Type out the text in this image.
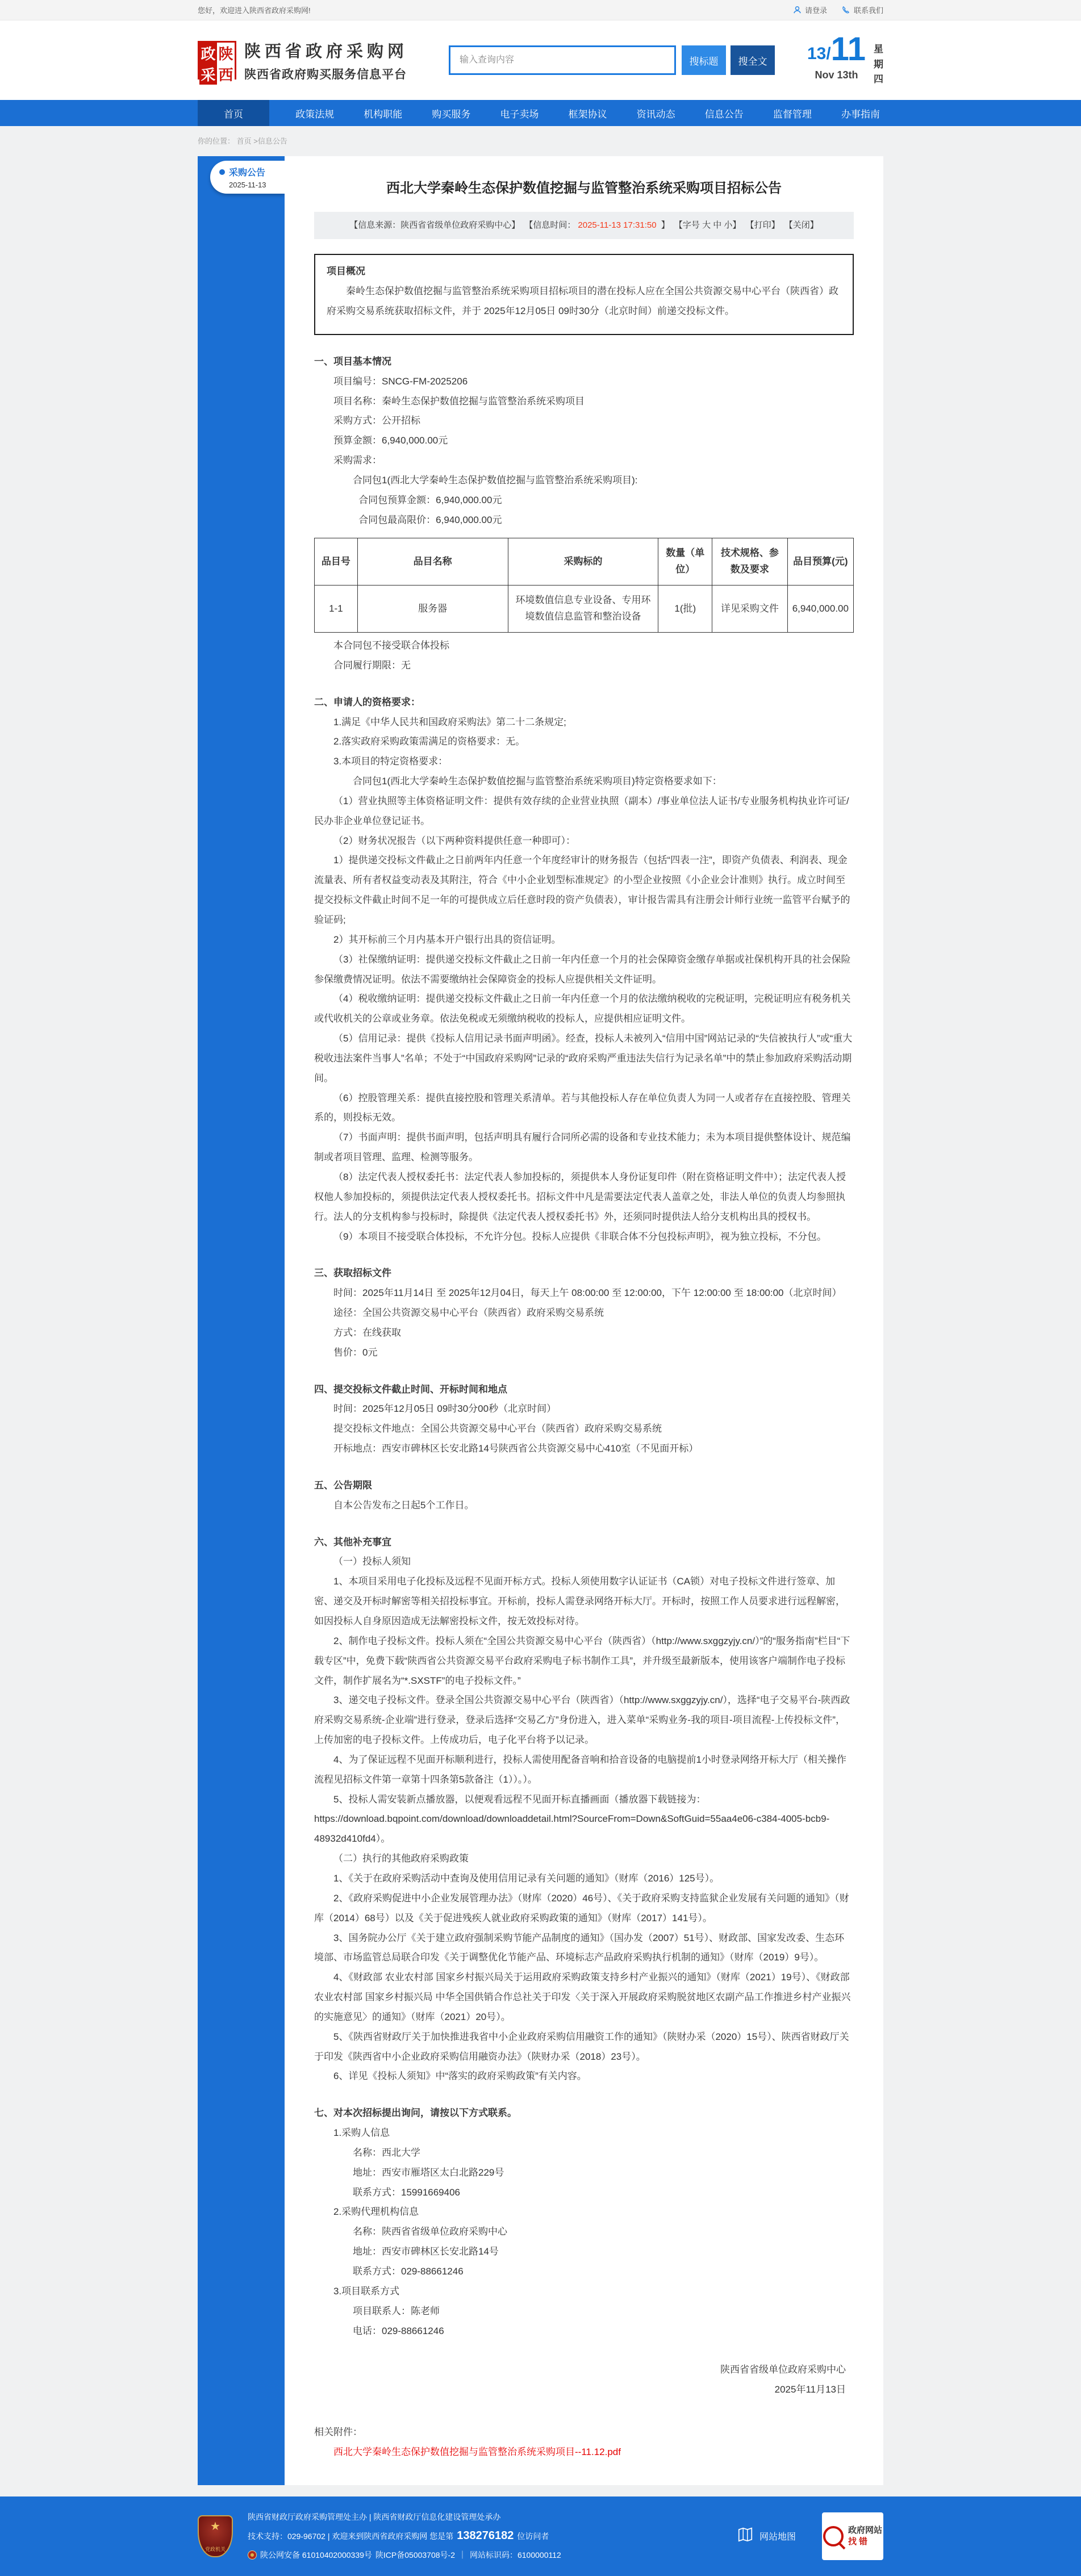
您好，欢迎进入陕西省政府采购网!	请登录	联系我们
政 陕
采 西
陕西省政府采购网
陕西省政府购买服务信息平台
输入查询内容
搜标题	搜全文	13/ 11
Nov 13th
星
期
四
首页	政策法规	机构职能	购买服务	电子卖场	框架协议	资讯动态	信息公告	监督管理	办事指南
你的位置： 首页 >信息公告
采购公告
2025-11-13	西北大学秦岭生态保护数值挖掘与监管整治系统采购项目招标公告
【信息来源：陕西省省级单位政府采购中心】 【信息时间： 2025-11-13 17:31:50 】 【字号 大 中 小】 【打印】 【关闭】
项目概况

秦岭生态保护数值挖掘与监管整治系统采购项目招标项目的潜在投标人应在全国公共资源交易中心平台（陕西省）政府采购交易系统获取招标文件，并于 2025年12月05日 09时30分（北京时间）前递交投标文件。

一、项目基本情况

项目编号：SNCG-FM-2025206

项目名称：秦岭生态保护数值挖掘与监管整治系统采购项目

采购方式：公开招标

预算金额：6,940,000.00元

采购需求：

合同包1(西北大学秦岭生态保护数值挖掘与监管整治系统采购项目):

合同包预算金额：6,940,000.00元

合同包最高限价：6,940,000.00元

品目号	品目名称	采购标的	数量（单位）	技术规格、参数及要求	品目预算(元)
1-1	服务器	环境数值信息专业设备、专用环境数值信息监管和整治设备	1(批)	详见采购文件	6,940,000.00

本合同包不接受联合体投标

合同履行期限：无

二、申请人的资格要求：

1.满足《中华人民共和国政府采购法》第二十二条规定;

2.落实政府采购政策需满足的资格要求：无。

3.本项目的特定资格要求：

合同包1(西北大学秦岭生态保护数值挖掘与监管整治系统采购项目)特定资格要求如下：

（1）营业执照等主体资格证明文件：提供有效存续的企业营业执照（副本）/事业单位法人证书/专业服务机构执业许可证/民办非企业单位登记证书。

（2）财务状况报告（以下两种资料提供任意一种即可）：

1）提供递交投标文件截止之日前两年内任意一个年度经审计的财务报告（包括“四表一注”，即资产负债表、利润表、现金流量表、所有者权益变动表及其附注，符合《中小企业划型标准规定》的小型企业按照《小企业会计准则》执行。成立时间至提交投标文件截止时间不足一年的可提供成立后任意时段的资产负债表），审计报告需具有注册会计师行业统一监管平台赋予的验证码;

2）其开标前三个月内基本开户银行出具的资信证明。

（3）社保缴纳证明：提供递交投标文件截止之日前一年内任意一个月的社会保障资金缴存单据或社保机构开具的社会保险参保缴费情况证明。依法不需要缴纳社会保障资金的投标人应提供相关文件证明。

（4）税收缴纳证明：提供递交投标文件截止之日前一年内任意一个月的依法缴纳税收的完税证明，完税证明应有税务机关或代收机关的公章或业务章。依法免税或无须缴纳税收的投标人，应提供相应证明文件。

（5）信用记录：提供《投标人信用记录书面声明函》。经查，投标人未被列入“信用中国”网站记录的“失信被执行人”或“重大税收违法案件当事人”名单；不处于“中国政府采购网”记录的“政府采购严重违法失信行为记录名单”中的禁止参加政府采购活动期间。

（6）控股管理关系：提供直接控股和管理关系清单。若与其他投标人存在单位负责人为同一人或者存在直接控股、管理关系的，则投标无效。

（7）书面声明：提供书面声明，包括声明具有履行合同所必需的设备和专业技术能力；未为本项目提供整体设计、规范编制或者项目管理、监理、检测等服务。

（8）法定代表人授权委托书：法定代表人参加投标的，须提供本人身份证复印件（附在资格证明文件中）；法定代表人授权他人参加投标的，须提供法定代表人授权委托书。招标文件中凡是需要法定代表人盖章之处，非法人单位的负责人均参照执行。法人的分支机构参与投标时，除提供《法定代表人授权委托书》外，还须同时提供法人给分支机构出具的授权书。

（9）本项目不接受联合体投标，不允许分包。投标人应提供《非联合体不分包投标声明》，视为独立投标，不分包。

三、获取招标文件

时间：2025年11月14日 至 2025年12月04日，每天上午 08:00:00 至 12:00:00，下午 12:00:00 至 18:00:00（北京时间）

途径：全国公共资源交易中心平台（陕西省）政府采购交易系统

方式：在线获取

售价：0元

四、提交投标文件截止时间、开标时间和地点

时间：2025年12月05日 09时30分00秒（北京时间）

提交投标文件地点：全国公共资源交易中心平台（陕西省）政府采购交易系统

开标地点：西安市碑林区长安北路14号陕西省公共资源交易中心410室（不见面开标）

五、公告期限

自本公告发布之日起5个工作日。

六、其他补充事宜

（一）投标人须知

1、本项目采用电子化投标及远程不见面开标方式。投标人须使用数字认证证书（CA锁）对电子投标文件进行签章、加密、递交及开标时解密等相关招投标事宜。开标前，投标人需登录网络开标大厅。开标时，按照工作人员要求进行远程解密，如因投标人自身原因造成无法解密投标文件，按无效投标对待。

2、制作电子投标文件。投标人须在“全国公共资源交易中心平台（陕西省）（http://www.sxggzyjy.cn/）”的“服务指南”栏目“下载专区”中，免费下载“陕西省公共资源交易平台政府采购电子标书制作工具”，并升级至最新版本，使用该客户端制作电子投标文件，制作扩展名为“*.SXSTF”的电子投标文件。”

3、递交电子投标文件。登录全国公共资源交易中心平台（陕西省）（http://www.sxggzyjy.cn/），选择“电子交易平台-陕西政府采购交易系统-企业端”进行登录，登录后选择“交易乙方”身份进入，进入菜单“采购业务-我的项目-项目流程-上传投标文件”，上传加密的电子投标文件。上传成功后，电子化平台将予以记录。

4、为了保证远程不见面开标顺利进行，投标人需使用配备音响和拾音设备的电脑提前1小时登录网络开标大厅（相关操作流程见招标文件第一章第十四条第5款备注（1））。）。

5、投标人需安装新点播放器，以便观看远程不见面开标直播画面（播放器下载链接为：https://download.bqpoint.com/download/downloaddetail.html?SourceFrom=Down&SoftGuid=55aa4e06-c384-4005-bcb9-48932d410fd4）。

（二）执行的其他政府采购政策

1、《关于在政府采购活动中查询及使用信用记录有关问题的通知》（财库（2016）125号）。

2、《政府采购促进中小企业发展管理办法》（财库（2020）46号）、《关于政府采购支持监狱企业发展有关问题的通知》（财库（2014）68号）以及《关于促进残疾人就业政府采购政策的通知》（财库（2017）141号）。

3、国务院办公厅《关于建立政府强制采购节能产品制度的通知》（国办发（2007）51号）、财政部、国家发改委、生态环境部、市场监管总局联合印发《关于调整优化节能产品、环境标志产品政府采购执行机制的通知》（财库（2019）9号）。

4、《财政部 农业农村部 国家乡村振兴局关于运用政府采购政策支持乡村产业振兴的通知》（财库（2021）19号）、《财政部 农业农村部 国家乡村振兴局 中华全国供销合作总社关于印发〈关于深入开展政府采购脱贫地区农副产品工作推进乡村产业振兴的实施意见〉的通知》（财库（2021）20号）。

5、《陕西省财政厅关于加快推进我省中小企业政府采购信用融资工作的通知》（陕财办采（2020）15号）、陕西省财政厅关于印发《陕西省中小企业政府采购信用融资办法》（陕财办采（2018）23号）。

6、详见《投标人须知》中“落实的政府采购政策”有关内容。

七、对本次招标提出询问，请按以下方式联系。

1.采购人信息

名称：西北大学

地址：西安市雁塔区太白北路229号

联系方式：15991669406

2.采购代理机构信息

名称：陕西省省级单位政府采购中心

地址：西安市碑林区长安北路14号

联系方式：029-88661246

3.项目联系方式

项目联系人：陈老师

电话：029-88661246

陕西省省级单位政府采购中心

2025年11月13日

相关附件：

西北大学秦岭生态保护数值挖掘与监管整治系统采购项目--11.12.pdf
★
党政机关
陕西省财政厅政府采购管理处主办 | 陕西省财政厅信息化建设管理处承办
技术支持：029-96702 | 欢迎来到陕西省政府采购网 您是第 138276182 位访问者
陕公网安备 61010402000339号 陕ICP备05003708号-2 ｜ 网站标识码：6100000112
网站地图
政府网站
找错
